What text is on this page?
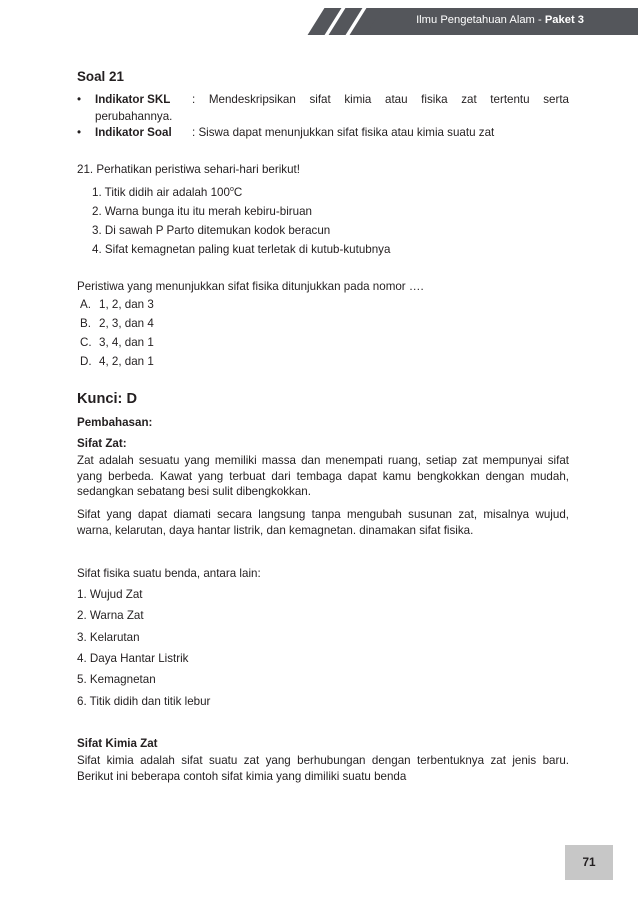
Ilmu Pengetahuan Alam - Paket 3
Soal 21
• Indikator SKL : Mendeskripsikan sifat kimia atau fisika zat tertentu serta
perubahannya.
• Indikator Soal : Siswa dapat menunjukkan sifat fisika atau kimia suatu zat
21. Perhatikan peristiwa sehari-hari berikut!
1. Titik didih air adalah 100$^o$C
2. Warna bunga itu itu merah kebiru-biruan
3. Di sawah P Parto ditemukan kodok beracun
4. Sifat kemagnetan paling kuat terletak di kutub-kutubnya
Peristiwa yang menunjukkan sifat fisika ditunjukkan pada nomor ….
A. 1, 2, dan 3
B. 2, 3, dan 4
C. 3, 4, dan 1
D. 4, 2, dan 1
Kunci: D
Pembahasan:
Sifat Zat:
Zat adalah sesuatu yang memiliki massa dan menempati ruang, setiap zat mempunyai sifat yang berbeda. Kawat yang terbuat dari tembaga dapat kamu bengkokkan dengan mudah, sedangkan sebatang besi sulit dibengkokkan.
Sifat yang dapat diamati secara langsung tanpa mengubah susunan zat, misalnya wujud, warna, kelarutan, daya hantar listrik, dan kemagnetan. dinamakan sifat fisika.
Sifat fisika suatu benda, antara lain:
1. Wujud Zat
2. Warna Zat
3. Kelarutan
4. Daya Hantar Listrik
5. Kemagnetan
6. Titik didih dan titik lebur
Sifat Kimia Zat
Sifat kimia adalah sifat suatu zat yang berhubungan dengan terbentuknya zat jenis baru. Berikut ini beberapa contoh sifat kimia yang dimiliki suatu benda
71
